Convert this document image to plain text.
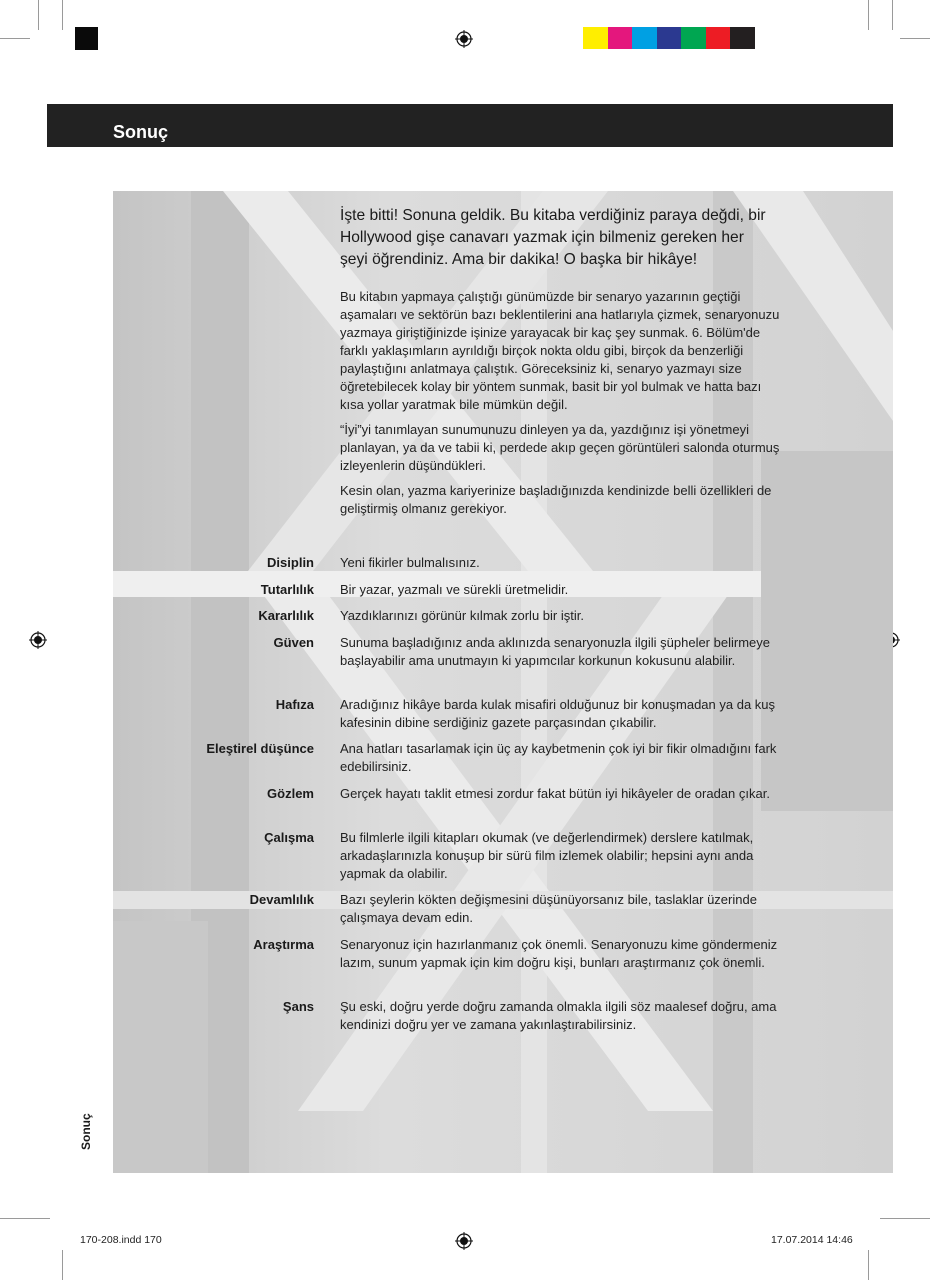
Sonuç
İşte bitti! Sonuna geldik. Bu kitaba verdiğiniz paraya değdi, bir Hollywood gişe canavarı yazmak için bilmeniz gereken her şeyi öğrendiniz. Ama bir dakika! O başka bir hikâye!
Bu kitabın yapmaya çalıştığı günümüzde bir senaryo yazarının geçtiği aşamaları ve sektörün bazı beklentilerini ana hatlarıyla çizmek, senaryonuzu yazmaya giriştiğinizde işinize yarayacak bir kaç şey sunmak. 6. Bölüm'de farklı yaklaşımların ayrıldığı birçok nokta oldu gibi, birçok da benzerliği paylaştığını anlatmaya çalıştık. Göreceksiniz ki, senaryo yazmayı size öğretebilecek kolay bir yöntem sunmak, basit bir yol bulmak ve hatta bazı kısa yollar yaratmak bile mümkün değil.
“İyi”yi tanımlayan sunumunuzu dinleyen ya da, yazdığınız işi yönetmeyi planlayan, ya da ve tabii ki, perdede akıp geçen görüntüleri salonda oturmuş izleyenlerin düşündükleri.
Kesin olan, yazma kariyerinize başladığınızda kendinizde belli özellikleri de geliştirmiş olmanız gerekiyor.
Disiplin Yeni fikirler bulmalısınız.
Tutarlılık Bir yazar, yazmalı ve sürekli üretmelidir.
Kararlılık Yazdıklarınızı görünür kılmak zorlu bir iştir.
Güven Sunuma başladığınız anda aklınızda senaryonuzla ilgili şüpheler belirmeye başlayabilir ama unutmayın ki yapımcılar korkunun kokusunu alabilir.
Hafıza Aradığınız hikâye barda kulak misafiri olduğunuz bir konuşmadan ya da kuş kafesinin dibine serdiğiniz gazete parçasından çıkabilir.
Eleştirel düşünce Ana hatları tasarlamak için üç ay kaybetmenin çok iyi bir fikir olmadığını fark edebilirsiniz.
Gözlem Gerçek hayatı taklit etmesi zordur fakat bütün iyi hikâyeler de oradan çıkar.
Çalışma Bu filmlerle ilgili kitapları okumak (ve değerlendirmek) derslere katılmak, arkadaşlarınızla konuşup bir sürü film izlemek olabilir; hepsini aynı anda yapmak da olabilir.
Devamlılık Bazı şeylerin kökten değişmesini düşünüyorsanız bile, taslaklar üzerinde çalışmaya devam edin.
Araştırma Senaryonuz için hazırlanmanız çok önemli. Senaryonuzu kime göndermeniz lazım, sunum yapmak için kim doğru kişi, bunları araştırmanız çok önemli.
Şans Şu eski, doğru yerde doğru zamanda olmakla ilgili söz maalesef doğru, ama kendinizi doğru yer ve zamana yakınlaştırabilirsiniz.
Sonuç
170-208.indd 170	17.07.2014 14:46
